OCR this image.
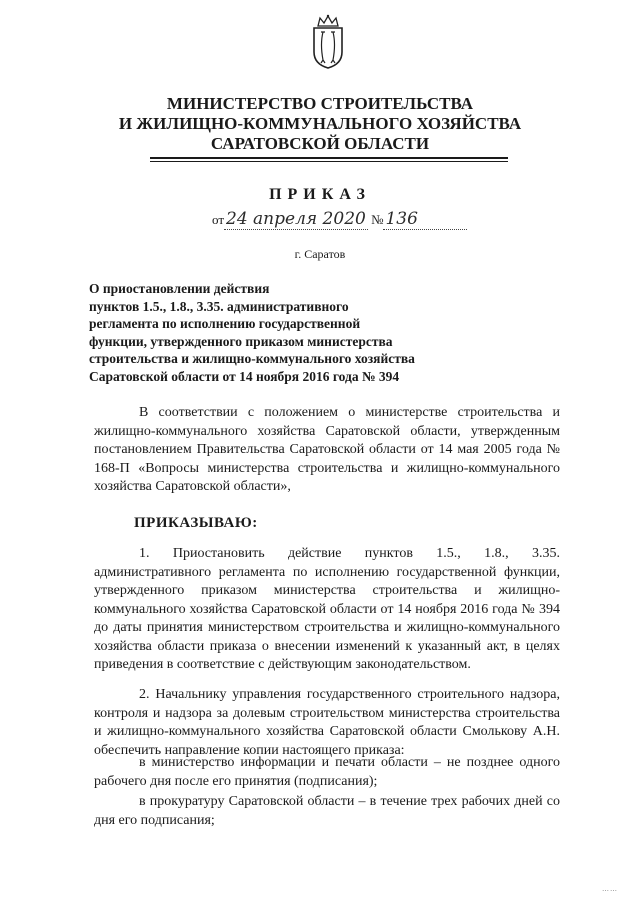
МИНИСТЕРСТВО СТРОИТЕЛЬСТВА
И ЖИЛИЩНО-КОММУНАЛЬНОГО ХОЗЯЙСТВА
САРАТОВСКОЙ ОБЛАСТИ
ПРИКАЗ
от 24 апреля 2020 № 136
г. Саратов
О приостановлении действия
пунктов 1.5., 1.8., 3.35. административного
регламента по исполнению государственной
функции, утвержденного приказом министерства
строительства и жилищно-коммунального хозяйства
Саратовской области от 14 ноября 2016 года № 394
В соответствии с положением о министерстве строительства и жилищно-коммунального хозяйства Саратовской области, утвержденным постановлением Правительства Саратовской области от 14 мая 2005 года № 168-П «Вопросы министерства строительства и жилищно-коммунального хозяйства Саратовской области»,
ПРИКАЗЫВАЮ:
1. Приостановить действие пунктов 1.5., 1.8., 3.35. административного регламента по исполнению государственной функции, утвержденного приказом министерства строительства и жилищно-коммунального хозяйства Саратовской области от 14 ноября 2016 года № 394 до даты принятия министерством строительства и жилищно-коммунального хозяйства области приказа о внесении изменений к указанный акт, в целях приведения в соответствие с действующим законодательством.
2. Начальнику управления государственного строительного надзора, контроля и надзора за долевым строительством министерства строительства и жилищно-коммунального хозяйства Саратовской области Смолькову А.Н. обеспечить направление копии настоящего приказа:
в министерство информации и печати области – не позднее одного рабочего дня после его принятия (подписания);
в прокуратуру Саратовской области – в течение трех рабочих дней со дня его подписания;
⋯⋯
